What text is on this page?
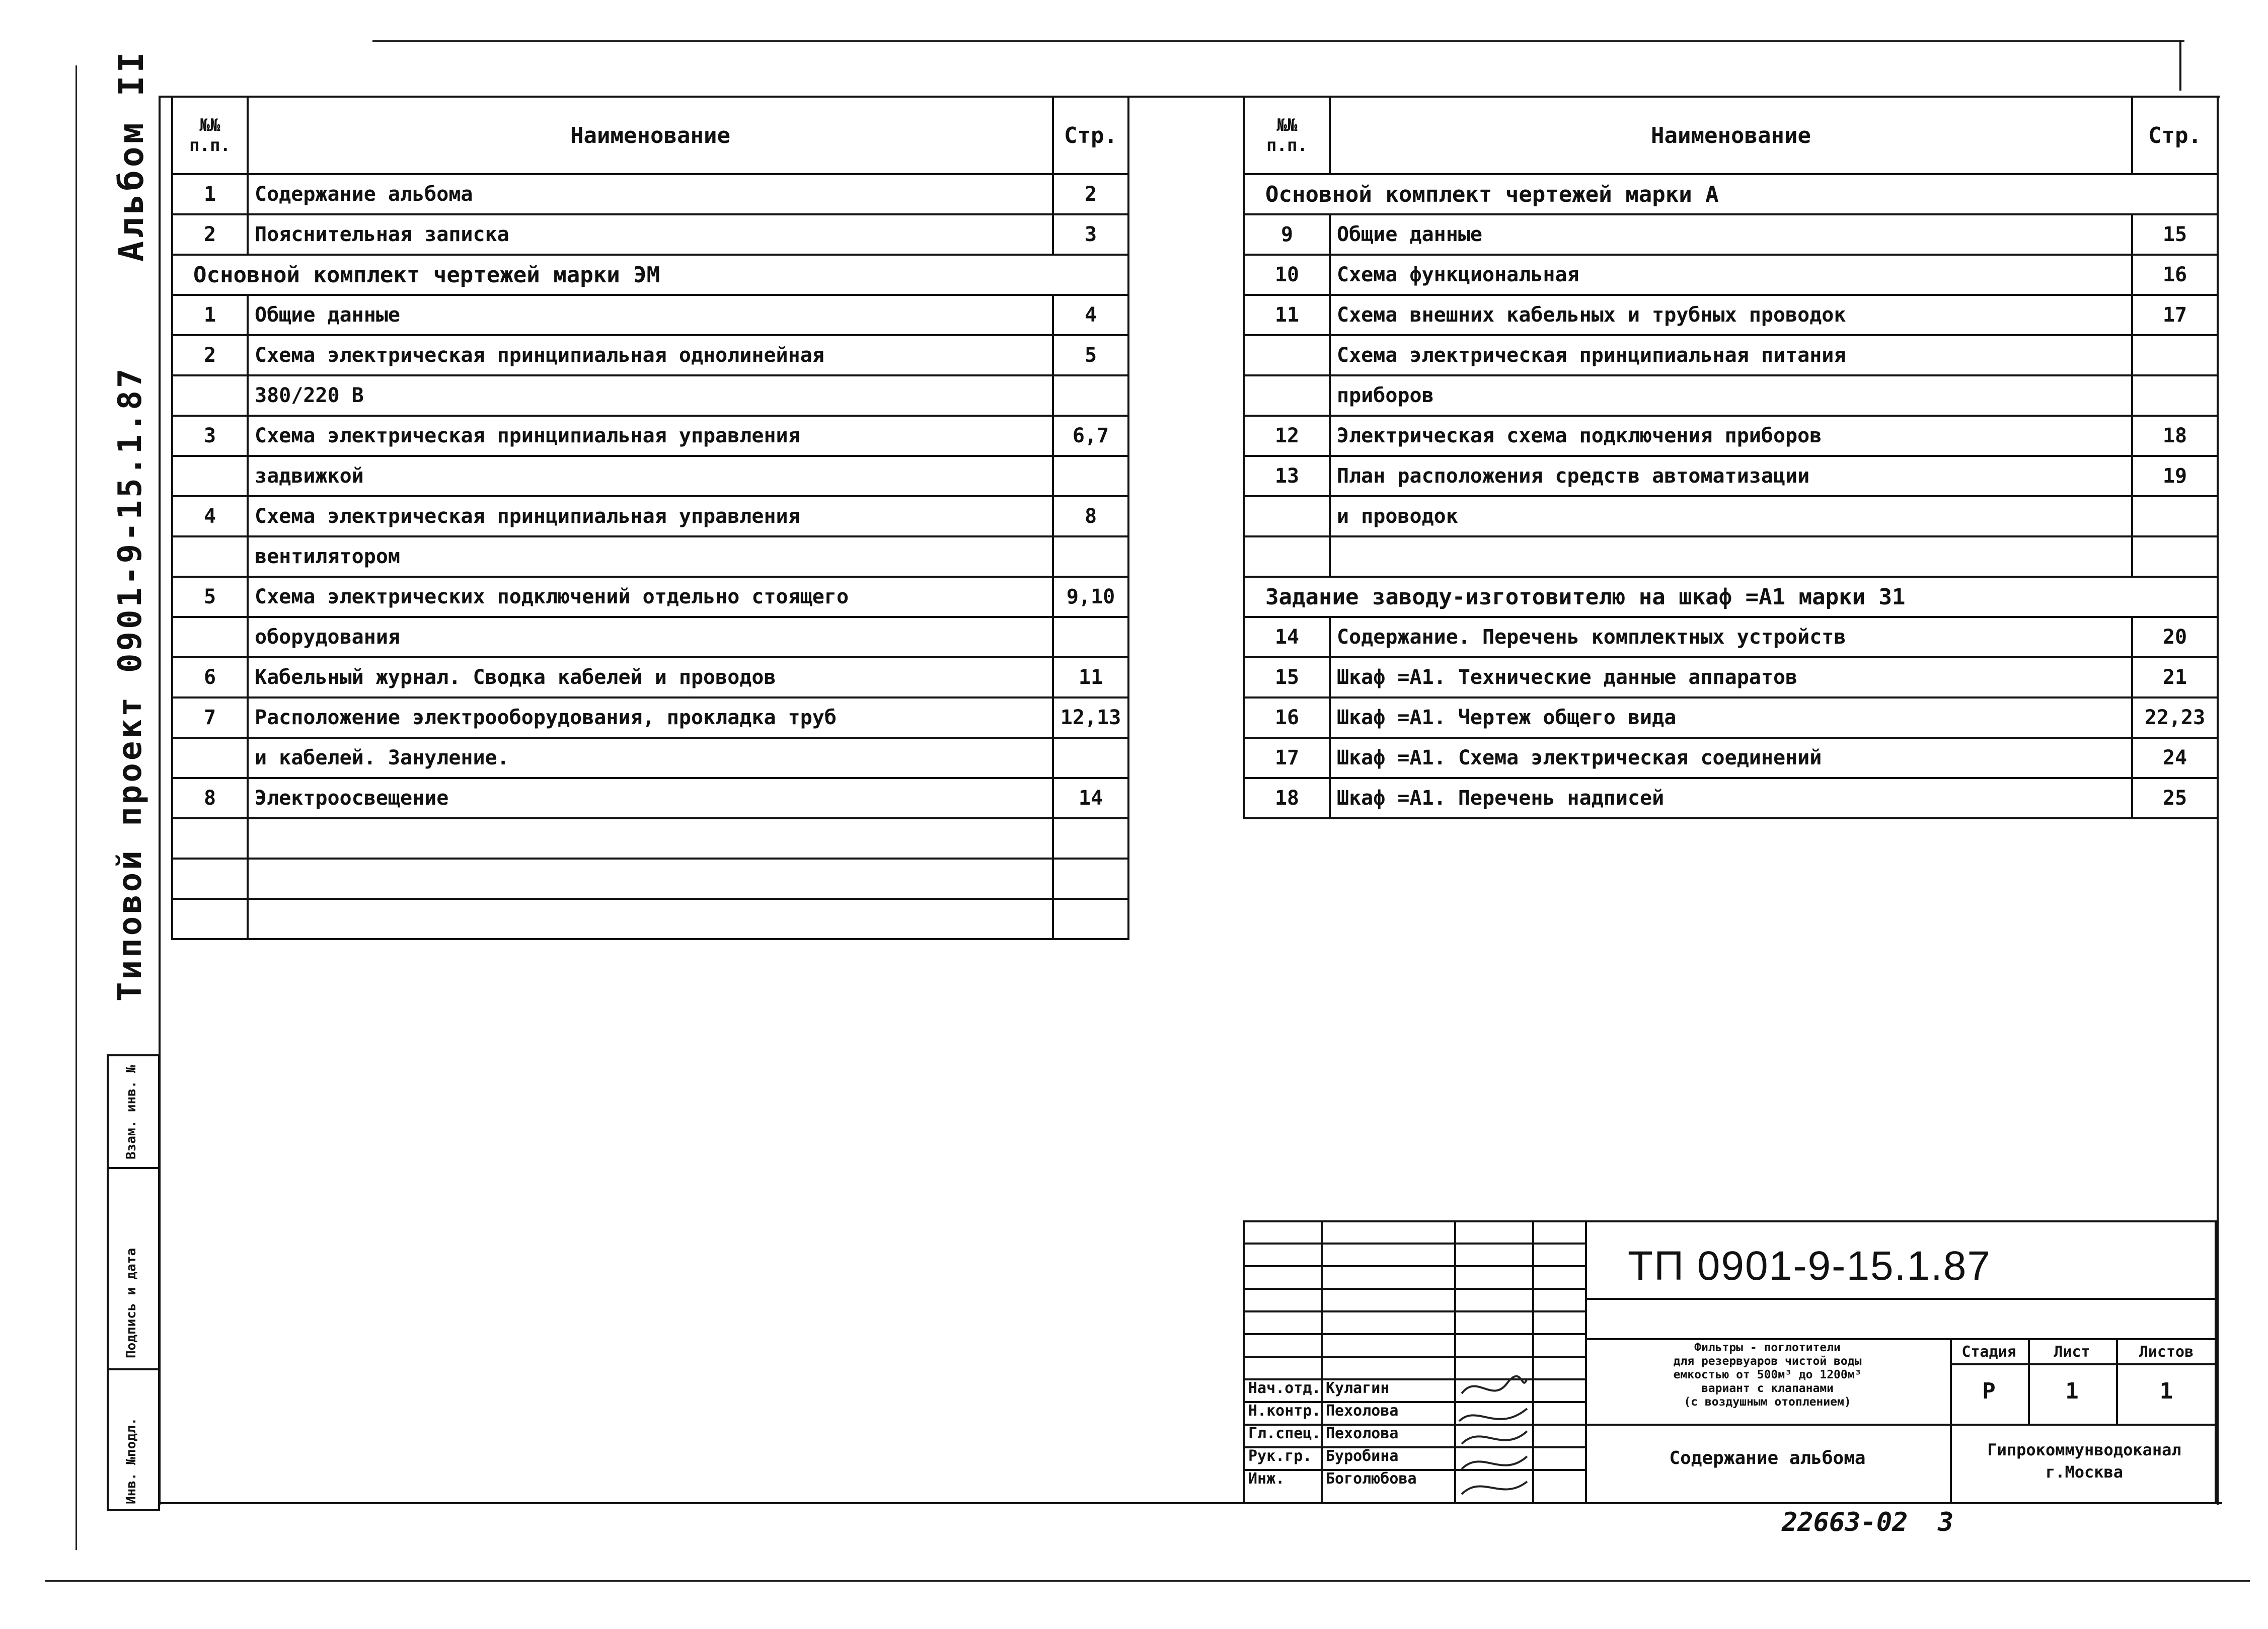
Альбом II
Типовой проект 0901-9-15.1.87
Взам. инв. №
Подпись и дата
Инв. №подл.
№№ п.п.	Наименование	Стр.
1	Содержание альбома	2
2	Пояснительная записка	3
Основной комплект чертежей марки ЭМ		
1	Общие данные	4
2	Схема электрическая принципиальная однолинейная	5
	380/220 В	
3	Схема электрическая принципиальная управления	6,7
	задвижкой	
4	Схема электрическая принципиальная управления	8
	вентилятором	
5	Схема электрических подключений отдельно стоящего	9,10
	оборудования	
6	Кабельный журнал. Сводка кабелей и проводов	11
7	Расположение электрооборудования, прокладка труб	12,13
	и кабелей. Зануление.	
8	Электроосвещение	14

№№ п.п.	Наименование	Стр.
Основной комплект чертежей марки А		
9	Общие данные	15
10	Схема функциональная	16
11	Схема внешних кабельных и трубных проводок	17
	Схема электрическая принципиальная питания	
	приборов	
12	Электрическая схема подключения приборов	18
13	План расположения средств автоматизации	19
	и проводок	

Задание заводу-изготовителю на шкаф =А1 марки 31		
14	Содержание. Перечень комплектных устройств	20
15	Шкаф =А1. Технические данные аппаратов	21
16	Шкаф =А1. Чертеж общего вида	22,23
17	Шкаф =А1. Схема электрическая соединений	24
18	Шкаф =А1. Перечень надписей	25
Нач.отд. Кулагин
Н.контр. Пехолова
Гл.спец. Пехолова
Рук.гр. Буробина
Инж.	Боголюбова
ТП 0901-9-15.1.87
Фильтры - поглотители
для резервуаров чистой воды
емкостью от 500м³ до 1200м³
вариант с клапанами
(с воздушным отоплением)
Содержание альбома
Стадия	Лист	Листов
Р	1	1
Гипрокоммунводоканал
г.Москва
22663-02 3
